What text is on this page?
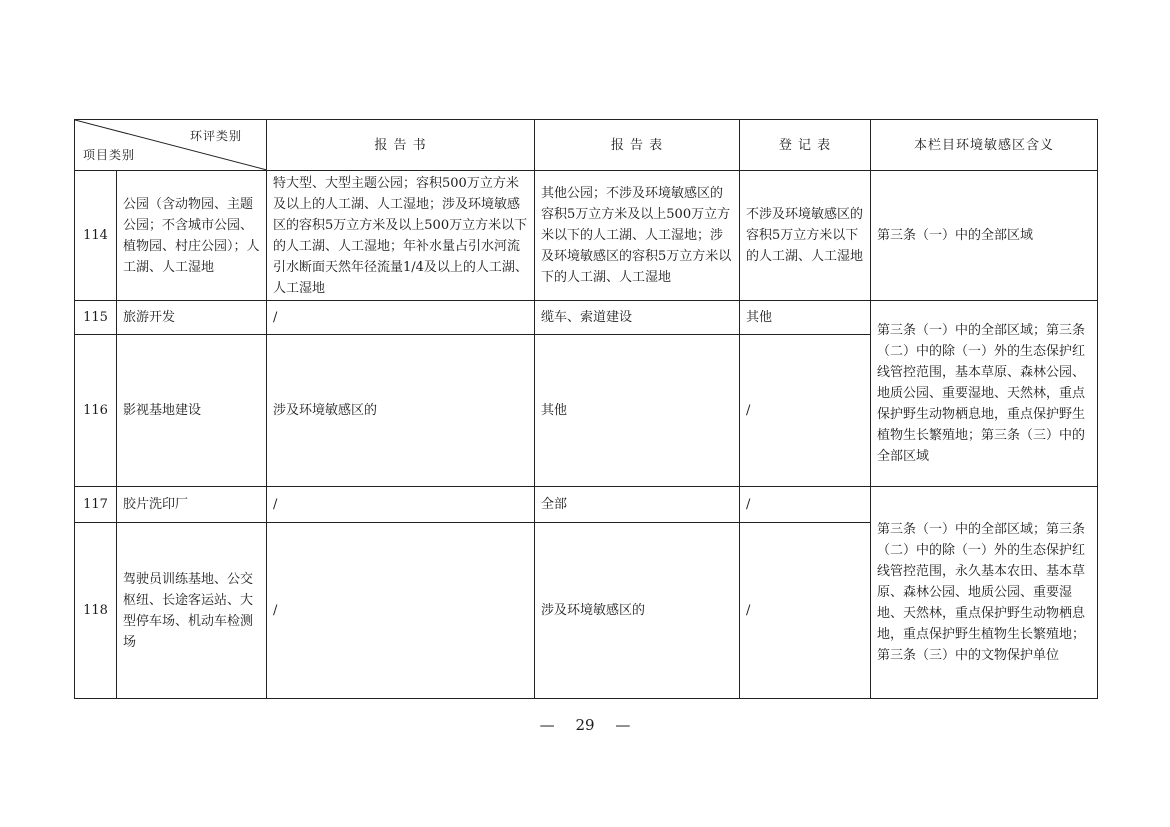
环评类别
项目类别		报 告 书	报 告 表	登 记 表	本栏目环境敏感区含义
114	公园（含动物园、主题公园；不含城市公园、植物园、村庄公园）；人工湖、人工湿地	特大型、大型主题公园；容积500万立方米及以上的人工湖、人工湿地；涉及环境敏感区的容积5万立方米及以上500万立方米以下的人工湖、人工湿地；年补水量占引水河流引水断面天然年径流量1/4及以上的人工湖、人工湿地	其他公园；不涉及环境敏感区的容积5万立方米及以上500万立方米以下的人工湖、人工湿地；涉及环境敏感区的容积5万立方米以下的人工湖、人工湿地	不涉及环境敏感区的容积5万立方米以下的人工湖、人工湿地	第三条（一）中的全部区域
115	旅游开发	/	缆车、索道建设	其他	第三条（一）中的全部区域；第三条（二）中的除（一）外的生态保护红线管控范围，基本草原、森林公园、地质公园、重要湿地、天然林，重点保护野生动物栖息地，重点保护野生植物生长繁殖地；第三条（三）中的全部区域
116	影视基地建设	涉及环境敏感区的	其他	/	
117	胶片洗印厂	/	全部	/	第三条（一）中的全部区域；第三条（二）中的除（一）外的生态保护红线管控范围，永久基本农田、基本草原、森林公园、地质公园、重要湿地、天然林，重点保护野生动物栖息地，重点保护野生植物生长繁殖地；第三条（三）中的文物保护单位
118	驾驶员训练基地、公交枢纽、长途客运站、大型停车场、机动车检测场	/	涉及环境敏感区的	/	
— 29 —
